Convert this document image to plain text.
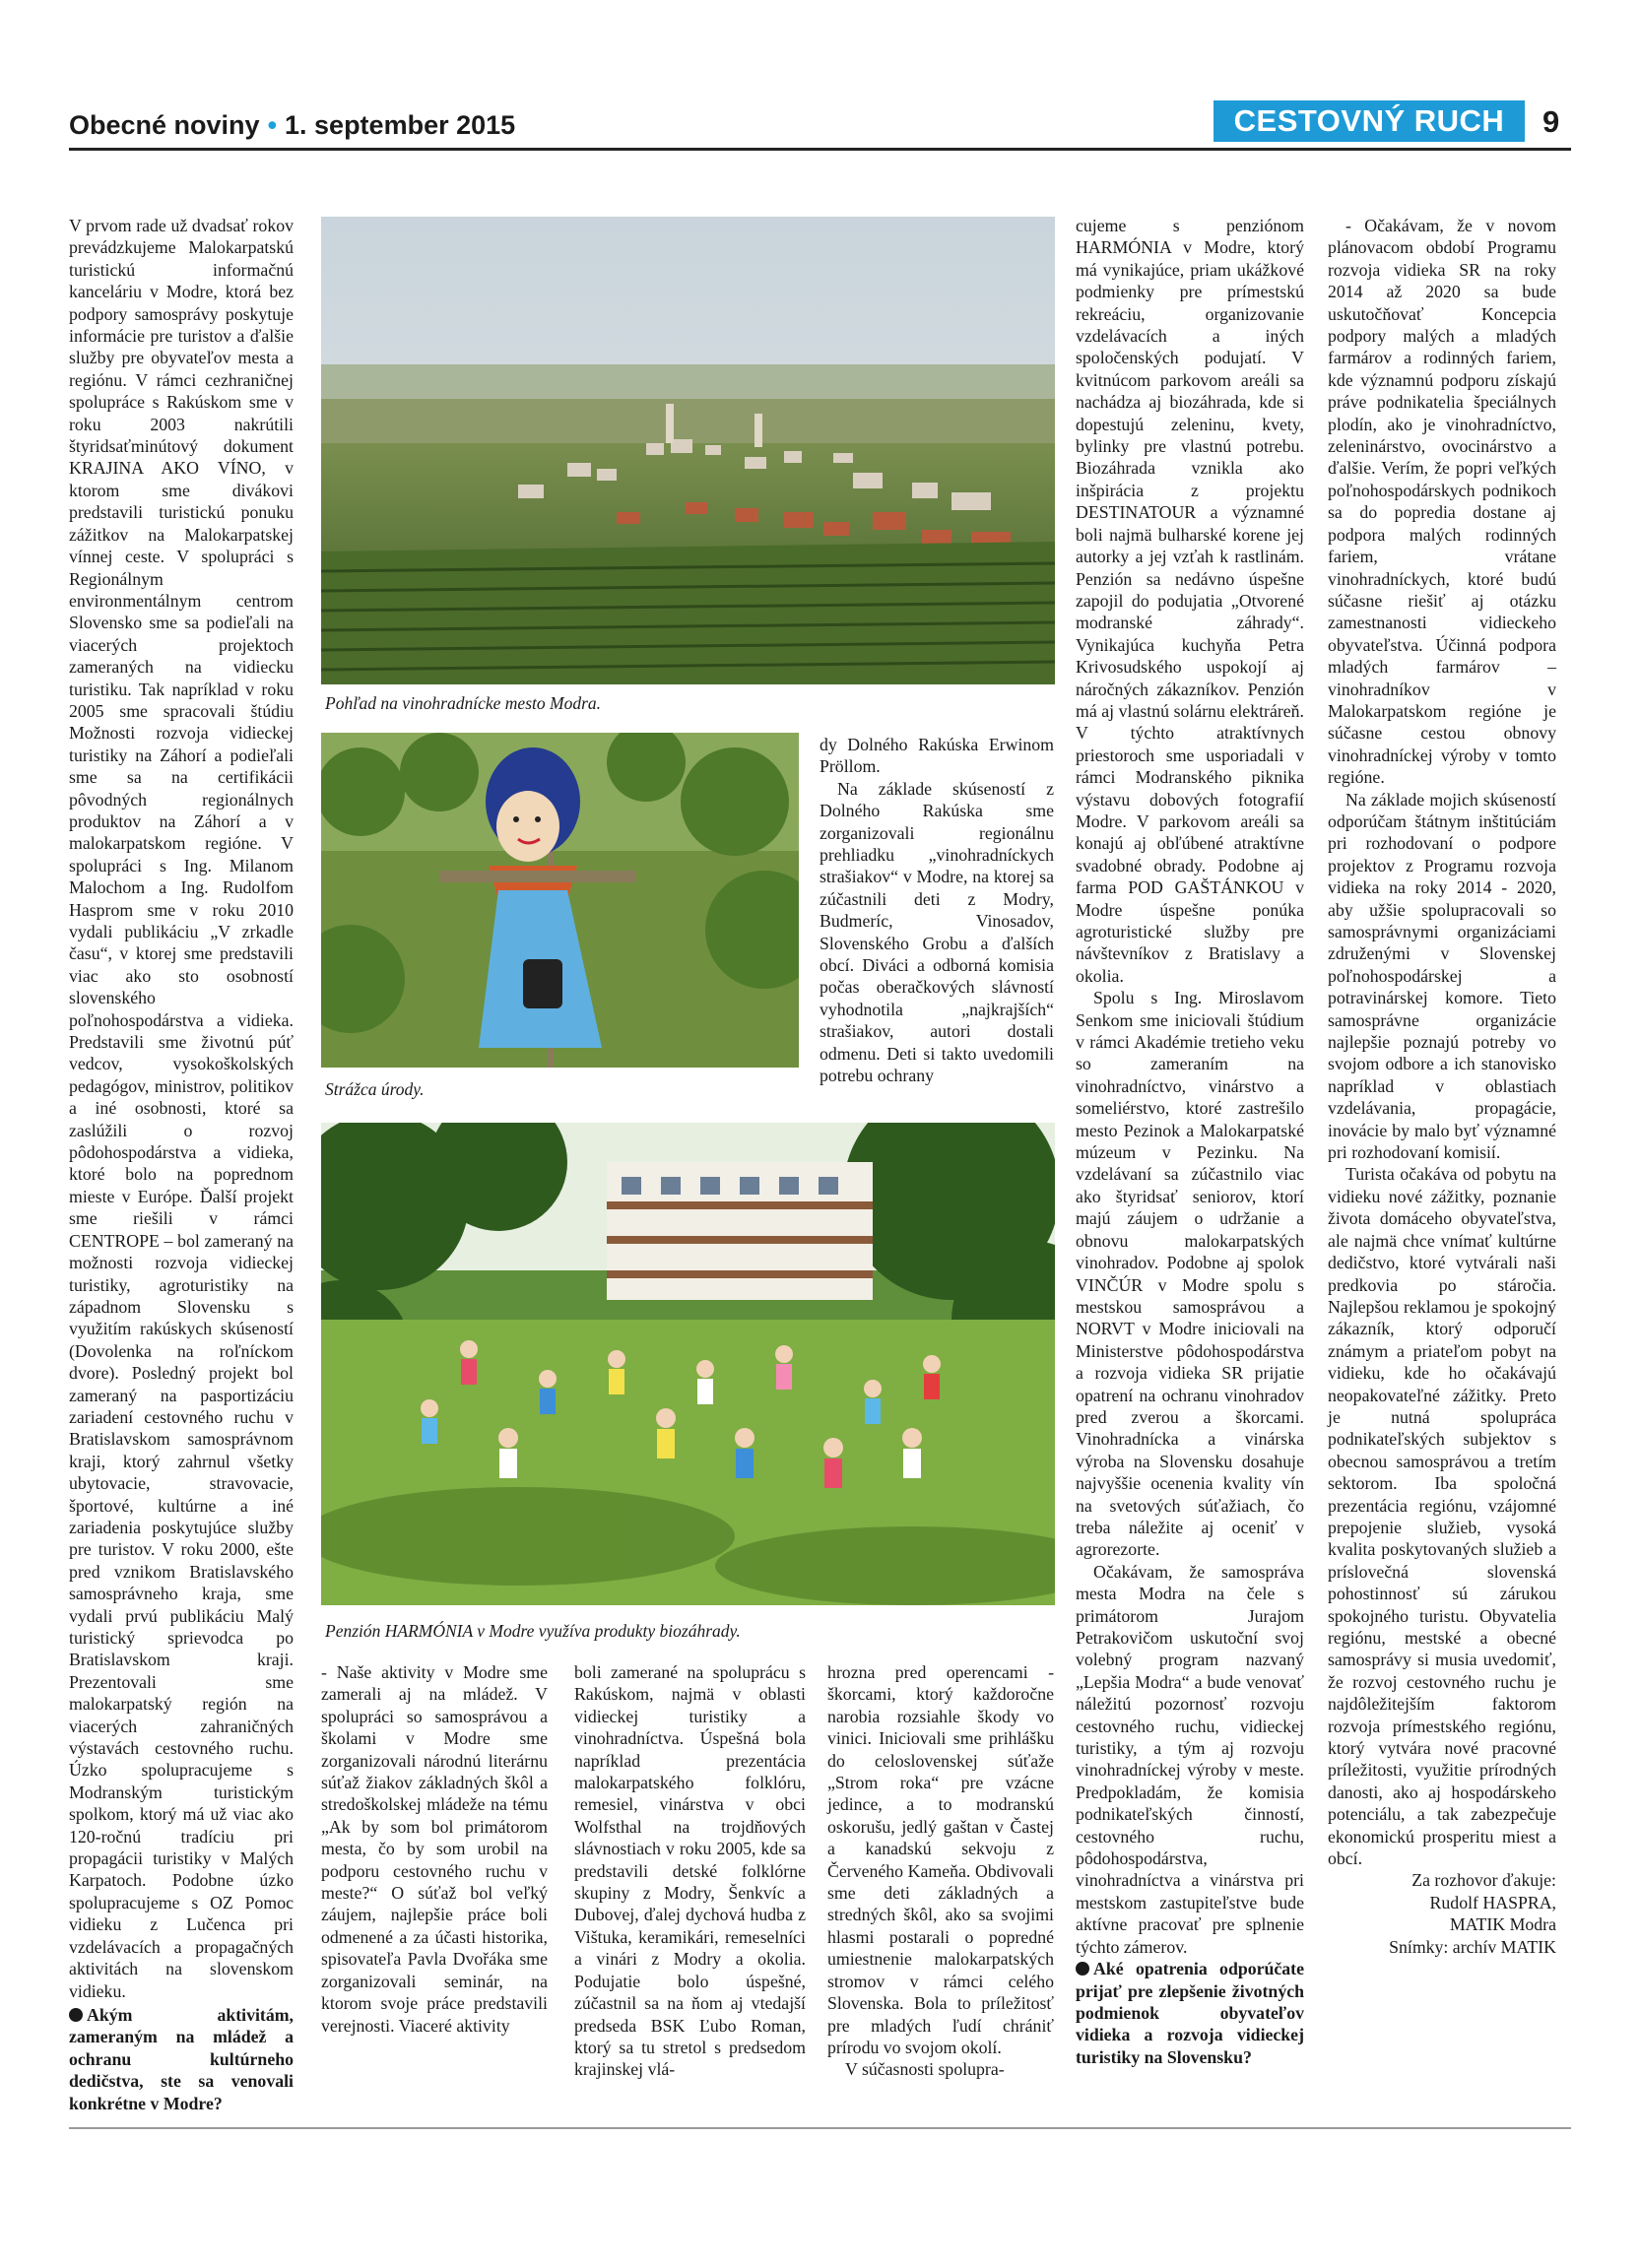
Obecné noviny • 1. september 2015	CESTOVNÝ RUCH	9

V prvom rade už dvadsať rokov prevádzkujeme Malokarpatskú turistickú informačnú kanceláriu v Modre, ktorá bez podpory samosprávy poskytuje informácie pre turistov a ďalšie služby pre obyvateľov mesta a regiónu. V rámci cezhraničnej spolupráce s Rakúskom sme v roku 2003 nakrútili štyridsaťminútový dokument KRAJINA AKO VÍNO, v ktorom sme divákovi predstavili turistickú ponuku zážitkov na Malokarpatskej vínnej ceste. V spolupráci s Regionálnym environmentálnym centrom Slovensko sme sa podieľali na viacerých projektoch zameraných na vidiecku turistiku. Tak napríklad v roku 2005 sme spracovali štúdiu Možnosti rozvoja vidieckej turistiky na Záhorí a podieľali sme sa na certifikácii pôvodných regionálnych produktov na Záhorí a v malokarpatskom regióne. V spolupráci s Ing. Milanom Malochom a Ing. Rudolfom Hasprom sme v roku 2010 vydali publikáciu „V zrkadle času“, v ktorej sme predstavili viac ako sto osobností slovenského poľnohospodárstva a vidieka. Predstavili sme životnú púť vedcov, vysokoškolských pedagógov, ministrov, politikov a iné osobnosti, ktoré sa zaslúžili o rozvoj pôdohospodárstva a vidieka, ktoré bolo na poprednom mieste v Európe. Ďalší projekt sme riešili v rámci CENTROPE – bol zameraný na možnosti rozvoja vidieckej turistiky, agroturistiky na západnom Slovensku s využitím rakúskych skúseností (Dovolenka na roľníckom dvore). Posledný projekt bol zameraný na pasportizáciu zariadení cestovného ruchu v Bratislavskom samosprávnom kraji, ktorý zahrnul všetky ubytovacie, stravovacie, športové, kultúrne a iné zariadenia poskytujúce služby pre turistov. V roku 2000, ešte pred vznikom Bratislavského samosprávneho kraja, sme vydali prvú publikáciu Malý turistický sprievodca po Bratislavskom kraji. Prezentovali sme malokarpatský región na viacerých zahraničných výstavách cestovného ruchu. Úzko spolupracujeme s Modranským turistickým spolkom, ktorý má už viac ako 120-ročnú tradíciu pri propagácii turistiky v Malých Karpatoch. Podobne úzko spolupracujeme s OZ Pomoc vidieku z Lučenca pri vzdelávacích a propagačných aktivitách na slovenskom vidieku.

Akým aktivitám, zameraným na mládež a ochranu kultúrneho dedičstva, ste sa venovali konkrétne v Modre?

Pohľad na vinohradnícke mesto Modra.
Strážca úrody.

dy Dolného Rakúska Erwinom Pröllom.

Na základe skúseností z Dolného Rakúska sme zorganizovali regionálnu prehliadku „vinohradníckych strašiakov“ v Modre, na ktorej sa zúčastnili deti z Modry, Budmeríc, Vinosadov, Slovenského Grobu a ďalších obcí. Diváci a odborná komisia počas oberačkových slávností vyhodnotila „najkrajších“ strašiakov, autori dostali odmenu. Deti si takto uvedomili potrebu ochrany

Penzión HARMÓNIA v Modre využíva produkty biozáhrady.

- Naše aktivity v Modre sme zamerali aj na mládež. V spolupráci so samosprávou a školami v Modre sme zorganizovali národnú literárnu súťaž žiakov základných škôl a stredoškolskej mládeže na tému „Ak by som bol primátorom mesta, čo by som urobil na podporu cestovného ruchu v meste?“ O súťaž bol veľký záujem, najlepšie práce boli odmenené a za účasti historika, spisovateľa Pavla Dvořáka sme zorganizovali seminár, na ktorom svoje práce predstavili verejnosti. Viaceré aktivity

boli zamerané na spoluprácu s Rakúskom, najmä v oblasti vidieckej turistiky a vinohradníctva. Úspešná bola napríklad prezentácia malokarpatského folklóru, remesiel, vinárstva v obci Wolfsthal na trojdňových slávnostiach v roku 2005, kde sa predstavili detské folklórne skupiny z Modry, Šenkvíc a Dubovej, ďalej dychová hudba z Vištuka, keramikári, remeselníci a vinári z Modry a okolia. Podujatie bolo úspešné, zúčastnil sa na ňom aj vtedajší predseda BSK Ľubo Roman, ktorý sa tu stretol s predsedom krajinskej vlá-

hrozna pred operencami - škorcami, ktorý každoročne narobia rozsiahle škody vo vinici. Iniciovali sme prihlášku do celoslovenskej súťaže „Strom roka“ pre vzácne jedince, a to modranskú oskorušu, jedlý gaštan v Častej a kanadskú sekvoju z Červeného Kameňa. Obdivovali sme deti základných a stredných škôl, ako sa svojimi hlasmi postarali o popredné umiestnenie malokarpatských stromov v rámci celého Slovenska. Bola to príležitosť pre mladých ľudí chrániť prírodu vo svojom okolí.

V súčasnosti spolupra-

cujeme s penziónom HARMÓNIA v Modre, ktorý má vynikajúce, priam ukážkové podmienky pre prímestskú rekreáciu, organizovanie vzdelávacích a iných spoločenských podujatí. V kvitnúcom parkovom areáli sa nachádza aj biozáhrada, kde si dopestujú zeleninu, kvety, bylinky pre vlastnú potrebu. Biozáhrada vznikla ako inšpirácia z projektu DESTINATOUR a významné boli najmä bulharské korene jej autorky a jej vzťah k rastlinám. Penzión sa nedávno úspešne zapojil do podujatia „Otvorené modranské záhrady“. Vynikajúca kuchyňa Petra Krivosudského uspokojí aj náročných zákazníkov. Penzión má aj vlastnú solárnu elektráreň. V týchto atraktívnych priestoroch sme usporiadali v rámci Modranského piknika výstavu dobových fotografií Modre. V parkovom areáli sa konajú aj obľúbené atraktívne svadobné obrady. Podobne aj farma POD GAŠTÁNKOU v Modre úspešne ponúka agroturistické služby pre návštevníkov z Bratislavy a okolia.

Spolu s Ing. Miroslavom Senkom sme iniciovali štúdium v rámci Akadémie tretieho veku so zameraním na vinohradníctvo, vinárstvo a someliérstvo, ktoré zastrešilo mesto Pezinok a Malokarpatské múzeum v Pezinku. Na vzdelávaní sa zúčastnilo viac ako štyridsať seniorov, ktorí majú záujem o udržanie a obnovu malokarpatských vinohradov. Podobne aj spolok VINČÚR v Modre spolu s mestskou samosprávou a NORVT v Modre iniciovali na Ministerstve pôdohospodárstva a rozvoja vidieka SR prijatie opatrení na ochranu vinohradov pred zverou a škorcami. Vinohradnícka a vinárska výroba na Slovensku dosahuje najvyššie ocenenia kvality vín na svetových súťažiach, čo treba náležite aj oceniť v agrorezorte.

Očakávam, že samospráva mesta Modra na čele s primátorom Jurajom Petrakovičom uskutoční svoj volebný program nazvaný „Lepšia Modra“ a bude venovať náležitú pozornosť rozvoju cestovného ruchu, vidieckej turistiky, a tým aj rozvoju vinohradníckej výroby v meste. Predpokladám, že komisia podnikateľských činností, cestovného ruchu, pôdohospodárstva, vinohradníctva a vinárstva pri mestskom zastupiteľstve bude aktívne pracovať pre splnenie týchto zámerov.

Aké opatrenia odporúčate prijať pre zlepšenie životných podmienok obyvateľov vidieka a rozvoja vidieckej turistiky na Slovensku?

- Očakávam, že v novom plánovacom období Programu rozvoja vidieka SR na roky 2014 až 2020 sa bude uskutočňovať Koncepcia podpory malých a mladých farmárov a rodinných fariem, kde významnú podporu získajú práve podnikatelia špeciálnych plodín, ako je vinohradníctvo, zeleninárstvo, ovocinárstvo a ďalšie. Verím, že popri veľkých poľnohospodárskych podnikoch sa do popredia dostane aj podpora malých rodinných fariem, vrátane vinohradníckych, ktoré budú súčasne riešiť aj otázku zamestnanosti vidieckeho obyvateľstva. Účinná podpora mladých farmárov – vinohradníkov v Malokarpatskom regióne je súčasne cestou obnovy vinohradníckej výroby v tomto regióne.

Na základe mojich skúseností odporúčam štátnym inštitúciám pri rozhodovaní o podpore projektov z Programu rozvoja vidieka na roky 2014 - 2020, aby užšie spolupracovali so samosprávnymi organizáciami združenými v Slovenskej poľnohospodárskej a potravinárskej komore. Tieto samosprávne organizácie najlepšie poznajú potreby vo svojom odbore a ich stanovisko napríklad v oblastiach vzdelávania, propagácie, inovácie by malo byť významné pri rozhodovaní komisií.

Turista očakáva od pobytu na vidieku nové zážitky, poznanie života domáceho obyvateľstva, ale najmä chce vnímať kultúrne dedičstvo, ktoré vytvárali naši predkovia po stáročia. Najlepšou reklamou je spokojný zákazník, ktorý odporučí známym a priateľom pobyt na vidieku, kde ho očakávajú neopakovateľné zážitky. Preto je nutná spolupráca podnikateľských subjektov s obecnou samosprávou a tretím sektorom. Iba spoločná prezentácia regiónu, vzájomné prepojenie služieb, vysoká kvalita poskytovaných služieb a príslovečná slovenská pohostinnosť sú zárukou spokojného turistu. Obyvatelia regiónu, mestské a obecné samosprávy si musia uvedomiť, že rozvoj cestovného ruchu je najdôležitejším faktorom rozvoja prímestského regiónu, ktorý vytvára nové pracovné príležitosti, využitie prírodných danosti, ako aj hospodárskeho potenciálu, a tak zabezpečuje ekonomickú prosperitu miest a obcí.

Za rozhovor ďakuje:

Rudolf HASPRA,

MATIK Modra

Snímky: archív MATIK
